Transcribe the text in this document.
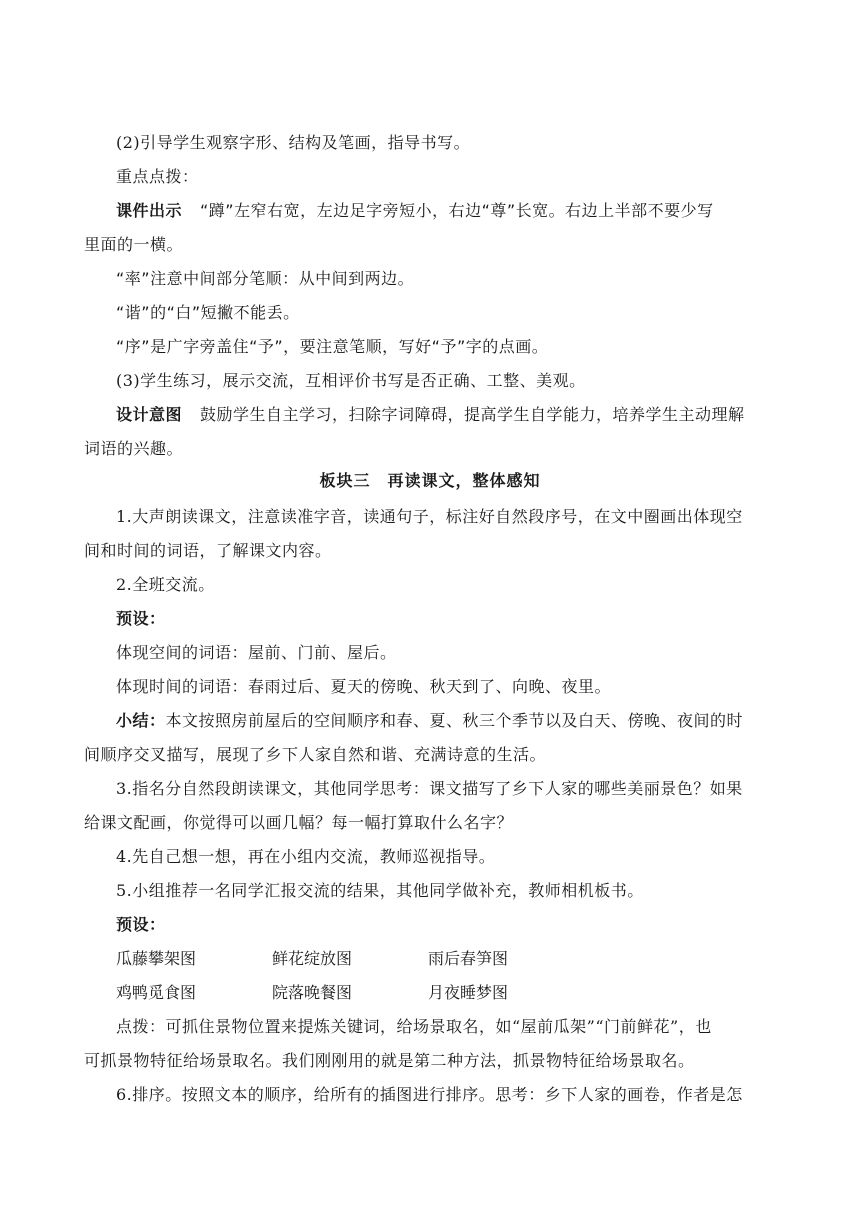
(2)引导学生观察字形、结构及笔画，指导书写。
重点点拨：
课件出示 “蹲”左窄右宽，左边足字旁短小，右边“尊”长宽。右边上半部不要少写
里面的一横。
“率”注意中间部分笔顺：从中间到两边。
“谐”的“白”短撇不能丢。
“序”是广字旁盖住“予”，要注意笔顺，写好“予”字的点画。
(3)学生练习，展示交流，互相评价书写是否正确、工整、美观。
设计意图 鼓励学生自主学习，扫除字词障碍，提高学生自学能力，培养学生主动理解
词语的兴趣。
板块三　再读课文，整体感知
1.大声朗读课文，注意读准字音，读通句子，标注好自然段序号，在文中圈画出体现空
间和时间的词语，了解课文内容。
2.全班交流。
预设：
体现空间的词语：屋前、门前、屋后。
体现时间的词语：春雨过后、夏天的傍晚、秋天到了、向晚、夜里。
小结：本文按照房前屋后的空间顺序和春、夏、秋三个季节以及白天、傍晚、夜间的时
间顺序交叉描写，展现了乡下人家自然和谐、充满诗意的生活。
3.指名分自然段朗读课文，其他同学思考：课文描写了乡下人家的哪些美丽景色？如果
给课文配画，你觉得可以画几幅？每一幅打算取什么名字？
4.先自己想一想，再在小组内交流，教师巡视指导。
5.小组推荐一名同学汇报交流的结果，其他同学做补充，教师相机板书。
预设：
瓜藤攀架图	鲜花绽放图	雨后春笋图
鸡鸭觅食图	院落晚餐图	月夜睡梦图
点拨：可抓住景物位置来提炼关键词，给场景取名，如“屋前瓜架”“门前鲜花”，也
可抓景物特征给场景取名。我们刚刚用的就是第二种方法，抓景物特征给场景取名。
6.排序。按照文本的顺序，给所有的插图进行排序。思考：乡下人家的画卷，作者是怎
